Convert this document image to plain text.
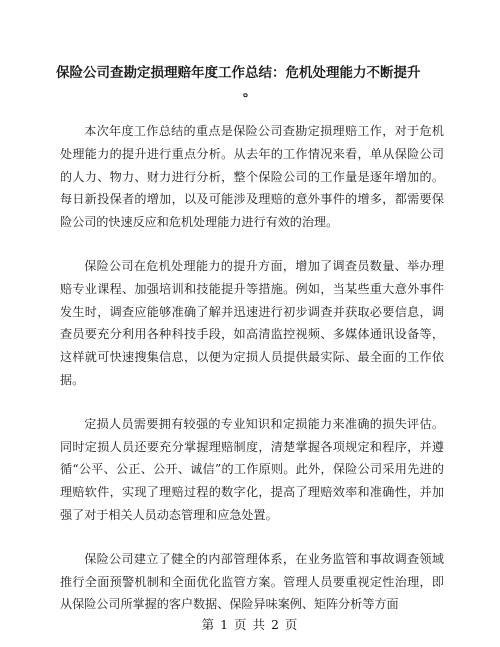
保险公司查勘定损理赔年度工作总结：危机处理能力不断提升
。

本次年度工作总结的重点是保险公司查勘定损理赔工作，对于危机处理能力的提升进行重点分析。从去年的工作情况来看，单从保险公司的人力、物力、财力进行分析，整个保险公司的工作量是逐年增加的。每日新投保者的增加，以及可能涉及理赔的意外事件的增多，都需要保险公司的快速反应和危机处理能力进行有效的治理。

保险公司在危机处理能力的提升方面，增加了调查员数量、举办理赔专业课程、加强培训和技能提升等措施。例如，当某些重大意外事件发生时，调查应能够准确了解并迅速进行初步调查并获取必要信息，调查员要充分利用各种科技手段，如高清监控视频、多媒体通讯设备等，这样就可快速搜集信息，以便为定损人员提供最实际、最全面的工作依据。

定损人员需要拥有较强的专业知识和定损能力来准确的损失评估。同时定损人员还要充分掌握理赔制度，清楚掌握各项规定和程序，并遵循“公平、公正、公开、诚信”的工作原则。此外，保险公司采用先进的理赔软件，实现了理赔过程的数字化，提高了理赔效率和准确性，并加强了对于相关人员动态管理和应急处置。

保险公司建立了健全的内部管理体系，在业务监管和事故调查领域推行全面预警机制和全面优化监管方案。管理人员要重视定性治理，即从保险公司所掌握的客户数据、保险异味案例、矩阵分析等方面

第 1 页 共 2 页
